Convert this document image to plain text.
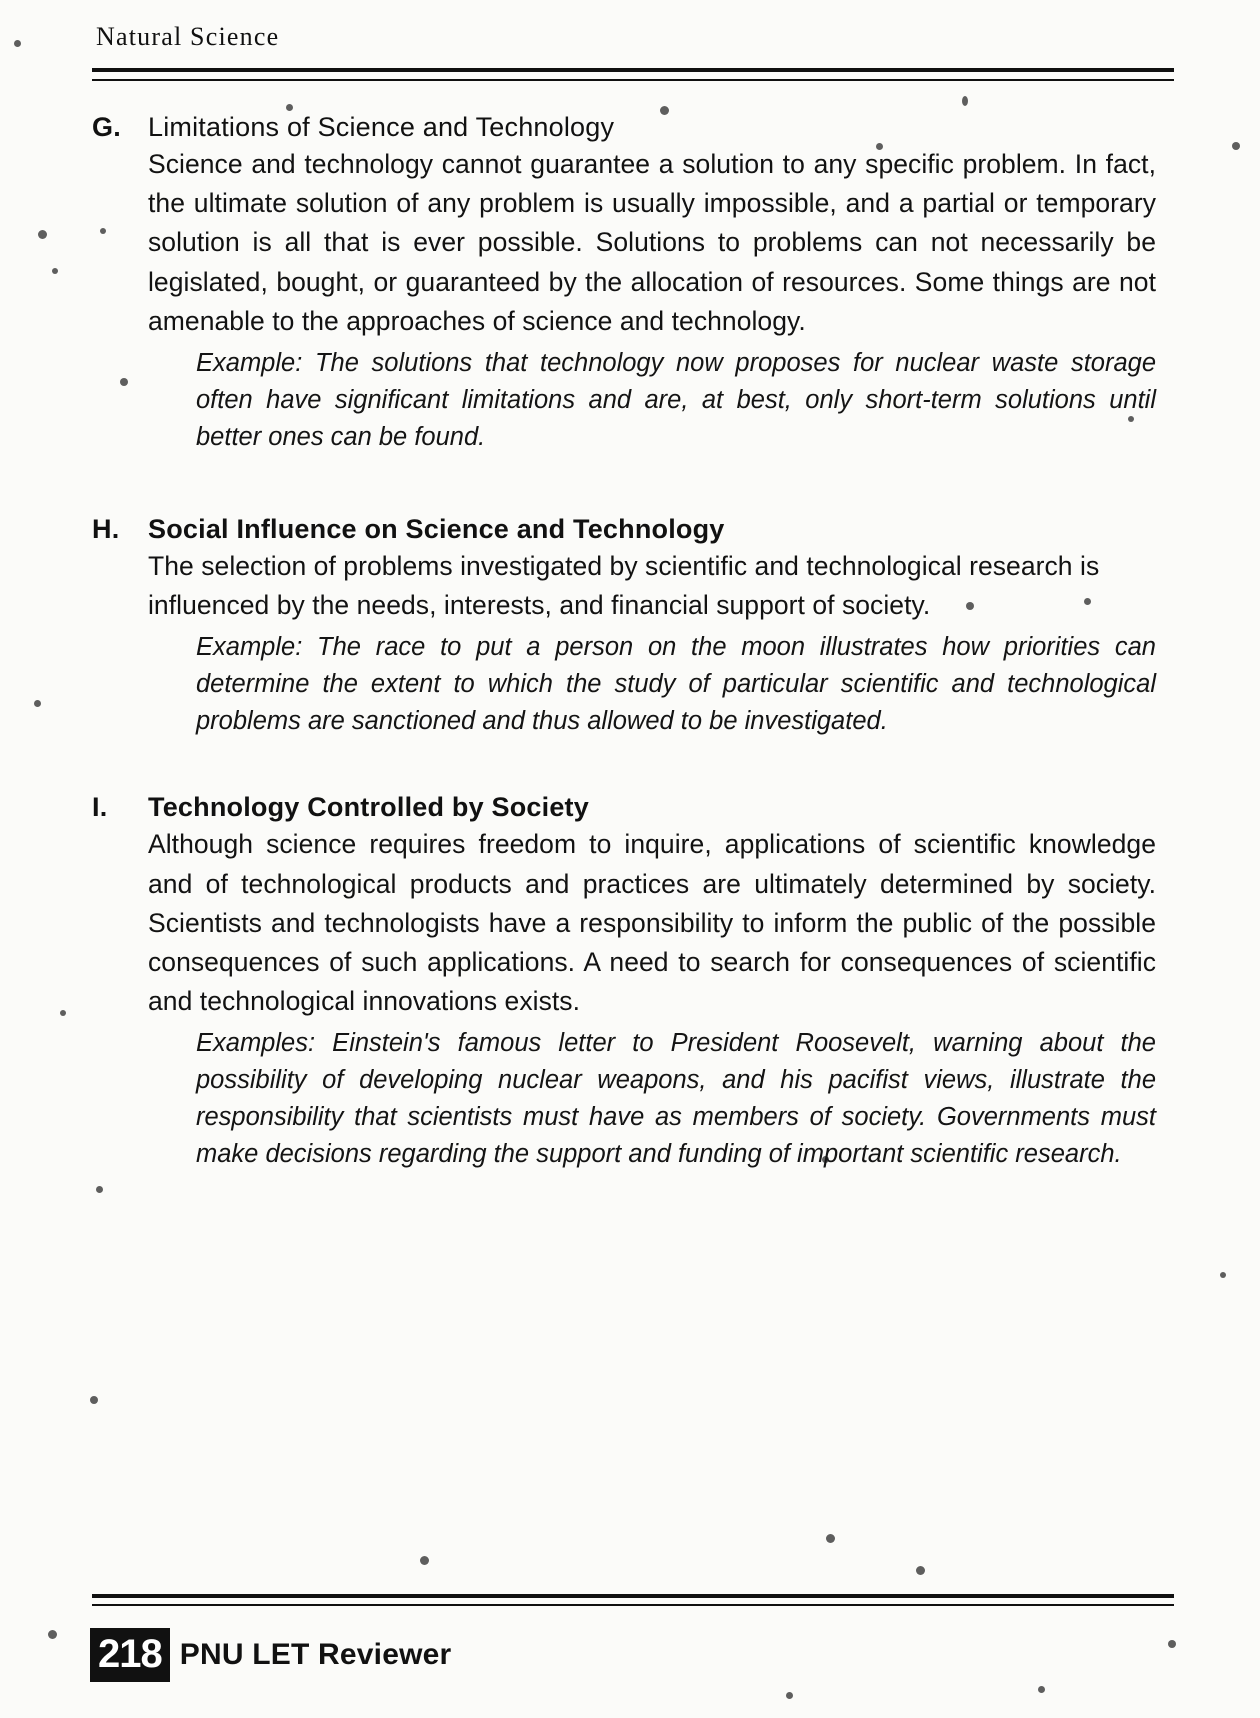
Natural Science
G. Limitations of Science and Technology
Science and technology cannot guarantee a solution to any specific problem. In fact, the ultimate solution of any problem is usually impossible, and a partial or temporary solution is all that is ever possible. Solutions to problems can not necessarily be legislated, bought, or guaranteed by the allocation of resources. Some things are not amenable to the approaches of science and technology.
Example: The solutions that technology now proposes for nuclear waste storage often have significant limitations and are, at best, only short-term solutions until better ones can be found.
H.	Social Influence on Science and Technology
The selection of problems investigated by scientific and technological research is influenced by the needs, interests, and financial support of society.
Example: The race to put a person on the moon illustrates how priorities can determine the extent to which the study of particular scientific and technological problems are sanctioned and thus allowed to be investigated.
I.	Technology Controlled by Society
Although science requires freedom to inquire, applications of scientific knowledge and of technological products and practices are ultimately determined by society. Scientists and technologists have a responsibility to inform the public of the possible consequences of such applications. A need to search for consequences of scientific and technological innovations exists.
Examples: Einstein's famous letter to President Roosevelt, warning about the possibility of developing nuclear weapons, and his pacifist views, illustrate the responsibility that scientists must have as members of society. Governments must make decisions regarding the support and funding of important scientific research.
218 PNU LET Reviewer
